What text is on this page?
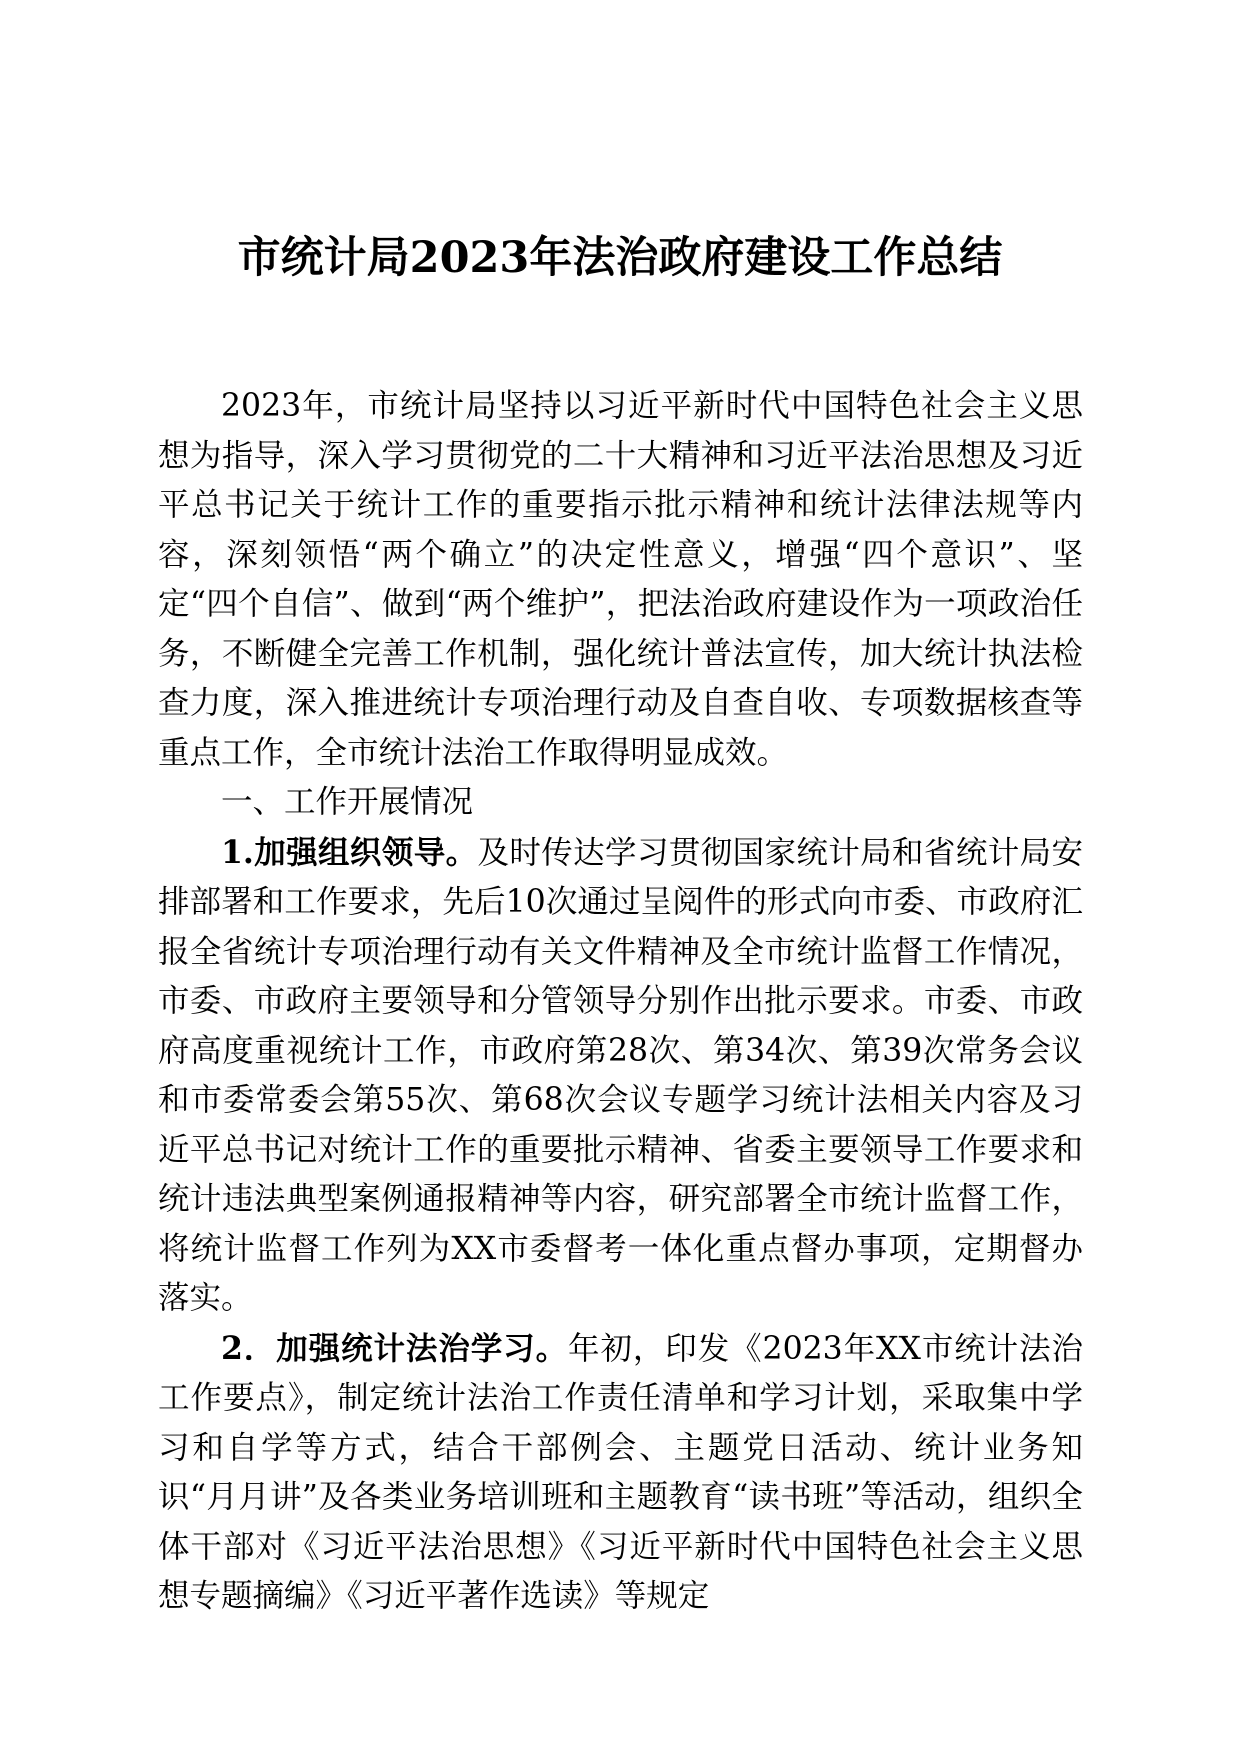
市统计局2023年法治政府建设工作总结

2023年，市统计局坚持以习近平新时代中国特色社会主义思想为指导，深入学习贯彻党的二十大精神和习近平法治思想及习近平总书记关于统计工作的重要指示批示精神和统计法律法规等内容，深刻领悟“两个确立”的决定性意义，增强“四个意识”、坚定“四个自信”、做到“两个维护”，把法治政府建设作为一项政治任务，不断健全完善工作机制，强化统计普法宣传，加大统计执法检查力度，深入推进统计专项治理行动及自查自收、专项数据核查等重点工作，全市统计法治工作取得明显成效。

一、工作开展情况

1.加强组织领导。及时传达学习贯彻国家统计局和省统计局安排部署和工作要求，先后10次通过呈阅件的形式向市委、市政府汇报全省统计专项治理行动有关文件精神及全市统计监督工作情况，市委、市政府主要领导和分管领导分别作出批示要求。市委、市政府高度重视统计工作，市政府第28次、第34次、第39次常务会议和市委常委会第55次、第68次会议专题学习统计法相关内容及习近平总书记对统计工作的重要批示精神、省委主要领导工作要求和统计违法典型案例通报精神等内容，研究部署全市统计监督工作，将统计监督工作列为XX市委督考一体化重点督办事项，定期督办落实。

2．加强统计法治学习。年初，印发《2023年XX市统计法治工作要点》，制定统计法治工作责任清单和学习计划，采取集中学习和自学等方式，结合干部例会、主题党日活动、统计业务知识“月月讲”及各类业务培训班和主题教育“读书班”等活动，组织全体干部对《习近平法治思想》《习近平新时代中国特色社会主义思想专题摘编》《习近平著作选读》等规定
